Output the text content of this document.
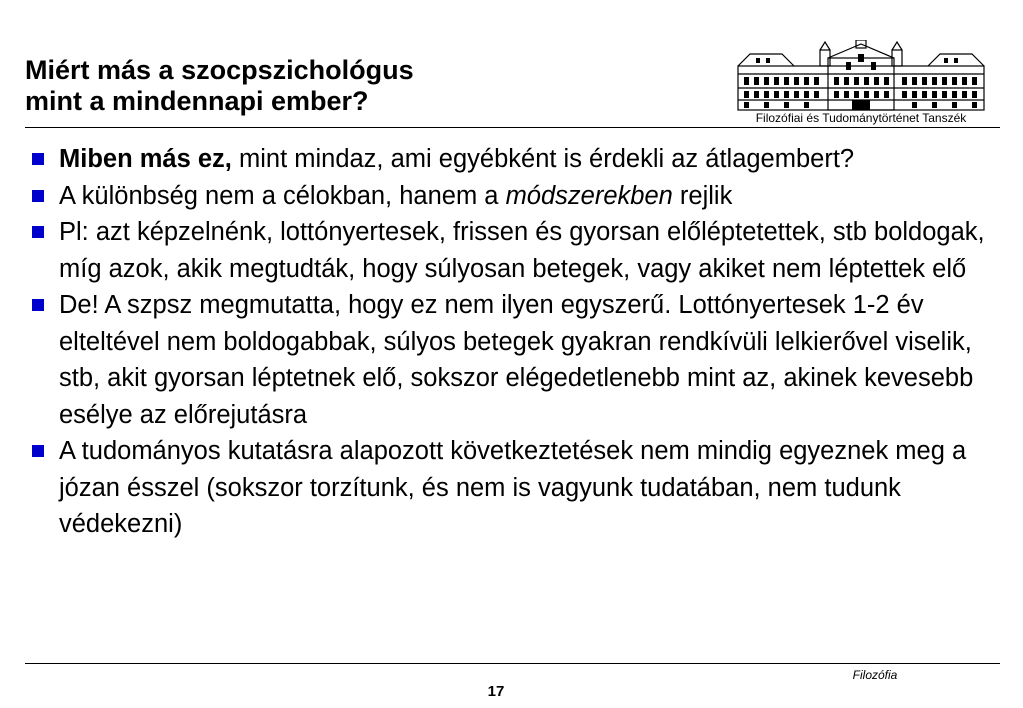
Miért más a szocpszichológus
mint a mindennapi ember?
Filozófiai és Tudománytörténet Tanszék
Miben más ez, mint mindaz, ami egyébként is érdekli az átlagembert?
A különbség nem a célokban, hanem a módszerekben rejlik
Pl: azt képzelnénk, lottónyertesek, frissen és gyorsan előléptetettek, stb boldogak, míg azok, akik megtudták, hogy súlyosan betegek, vagy akiket nem léptettek elő
De! A szpsz megmutatta, hogy ez nem ilyen egyszerű. Lottónyertesek 1-2 év elteltével nem boldogabbak, súlyos betegek gyakran rendkívüli lelkierővel viselik, stb, akit gyorsan léptetnek elő, sokszor elégedetlenebb mint az, akinek kevesebb esélye az előrejutásra
A tudományos kutatásra alapozott következtetések nem mindig egyeznek meg a józan ésszel (sokszor torzítunk, és nem is vagyunk tudatában, nem tudunk védekezni)
Filozófia
17
